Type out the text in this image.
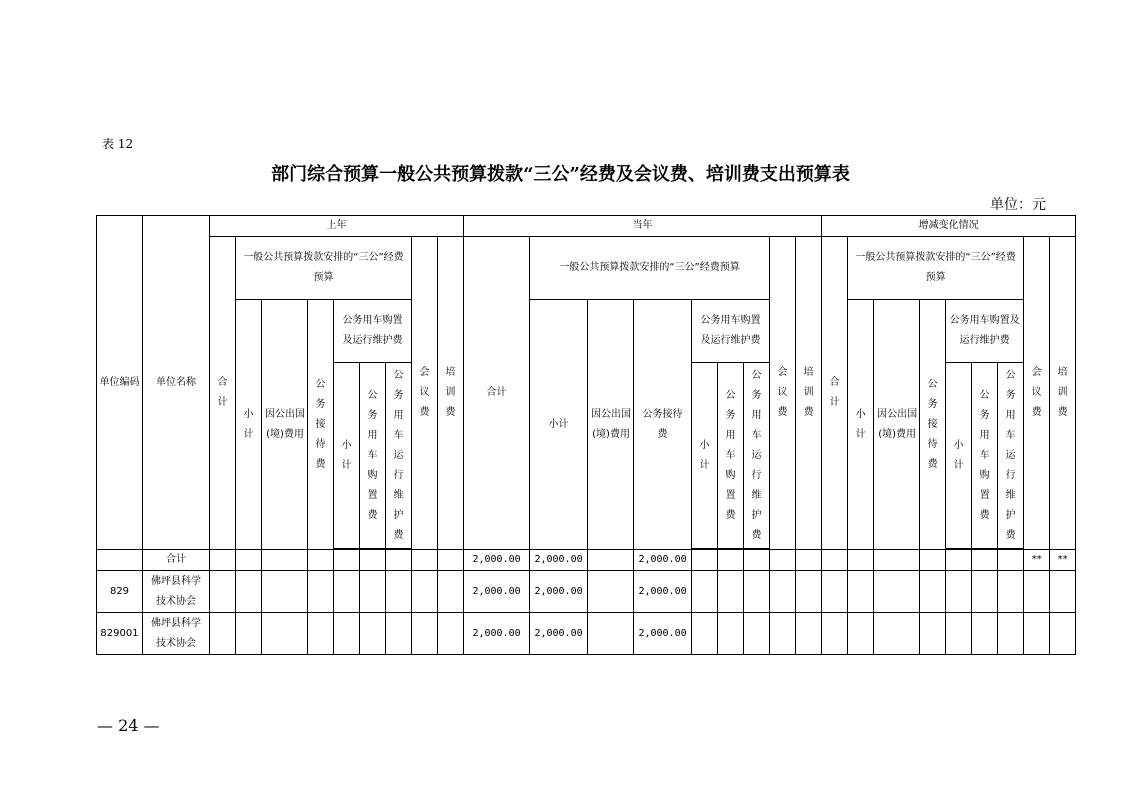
表 12
部门综合预算一般公共预算拨款“三公”经费及会议费、培训费支出预算表
单位：元
单位编码	单位名称	上年									当年									增减变化情况								
		合计	一般公共预算拨款安排的“三公”经费预算						会议费	培训费	合计	一般公共预算拨款安排的“三公”经费预算						会议费	培训费	合计	一般公共预算拨款安排的“三公”经费预算						会议费	培训费
			小计	因公出国(境)费用	公务接待费	公务用车购置及运行维护费						小计	因公出国(境)费用	公务接待费	公务用车购置及运行维护费						小计	因公出国(境)费用	公务接待费	公务用车购置及运行维护费				
						小计	公务用车购置费	公务用车运行维护费							小计	公务用车购置费	公务用车运行维护费							小计	公务用车购置费	公务用车运行维护费		

	合计										2,000.00	2,000.00		2,000.00													**	**
829	佛坪县科学技术协会										2,000.00	2,000.00		2,000.00														
829001	佛坪县科学技术协会										2,000.00	2,000.00		2,000.00														
— 24 —
